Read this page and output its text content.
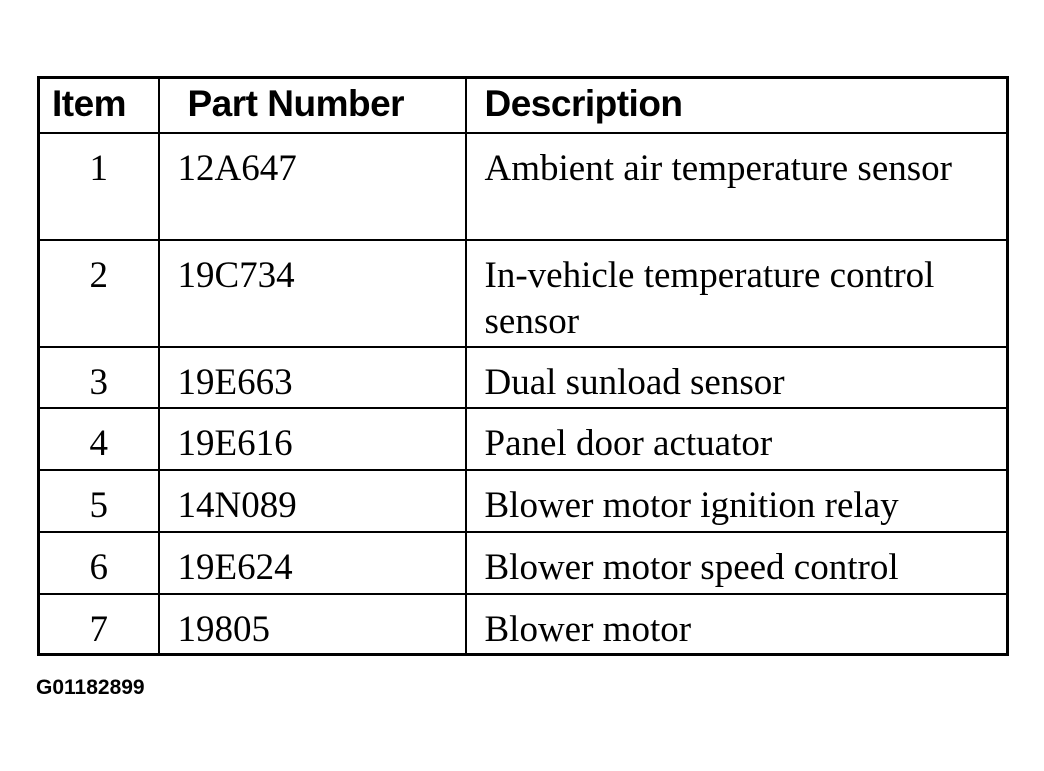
Item	Part Number	Description
1	12A647	Ambient air temperature sensor
2	19C734	In-vehicle temperature control sensor
3	19E663	Dual sunload sensor
4	19E616	Panel door actuator
5	14N089	Blower motor ignition relay
6	19E624	Blower motor speed control
7	19805	Blower motor
G01182899
